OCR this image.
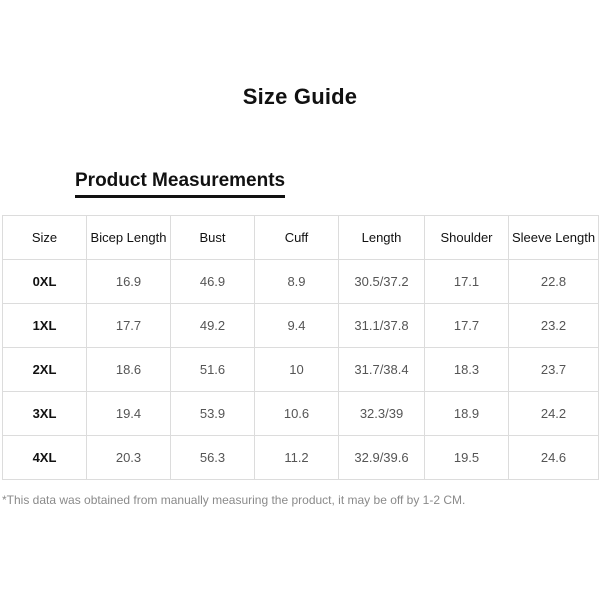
Size Guide
Product Measurements
Size	Bicep Length	Bust	Cuff	Length	Shoulder	Sleeve Length
0XL	16.9	46.9	8.9	30.5/37.2	17.1	22.8
1XL	17.7	49.2	9.4	31.1/37.8	17.7	23.2
2XL	18.6	51.6	10	31.7/38.4	18.3	23.7
3XL	19.4	53.9	10.6	32.3/39	18.9	24.2
4XL	20.3	56.3	11.2	32.9/39.6	19.5	24.6
*This data was obtained from manually measuring the product, it may be off by 1-2 CM.
